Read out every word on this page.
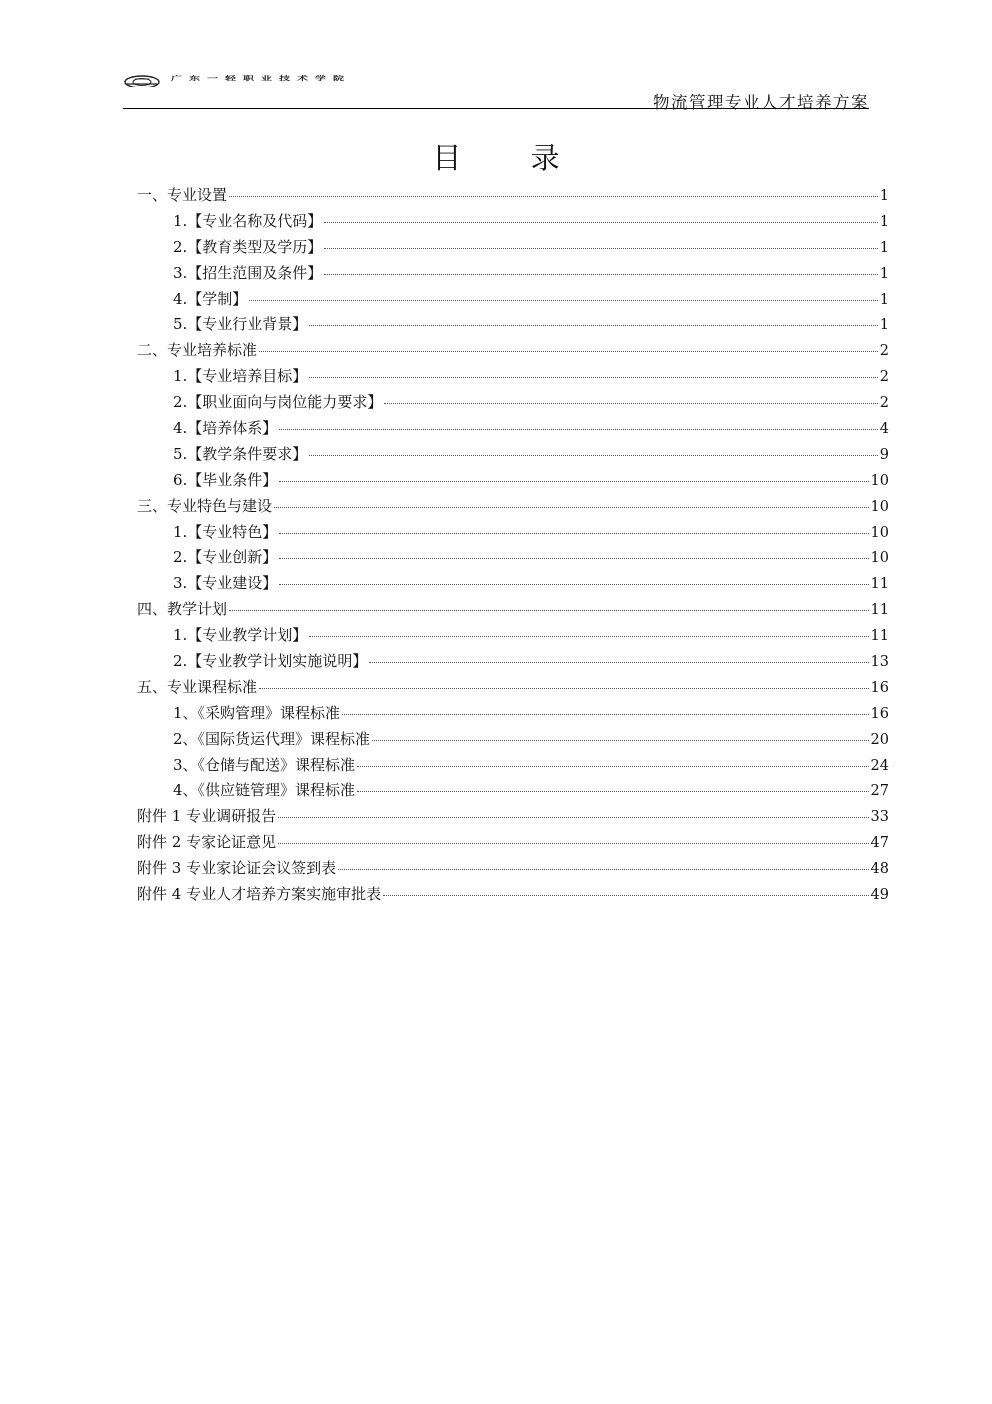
广东一轻职业技术学院
物流管理专业人才培养方案
目 录
一、专业设置	1
1.【专业名称及代码】	1
2.【教育类型及学历】	1
3.【招生范围及条件】	1
4.【学制】	1
5.【专业行业背景】	1
二、专业培养标准	2
1.【专业培养目标】	2
2.【职业面向与岗位能力要求】	2
4.【培养体系】	4
5.【教学条件要求】	9
6.【毕业条件】	10
三、专业特色与建设	10
1.【专业特色】	10
2.【专业创新】	10
3.【专业建设】	11
四、教学计划	11
1.【专业教学计划】	11
2.【专业教学计划实施说明】	13
五、专业课程标准	16
1、《采购管理》课程标准	16
2、《国际货运代理》课程标准	20
3、《仓储与配送》课程标准	24
4、《供应链管理》课程标准	27
附件 1 专业调研报告	33
附件 2 专家论证意见	47
附件 3 专业家论证会议签到表	48
附件 4 专业人才培养方案实施审批表	49
